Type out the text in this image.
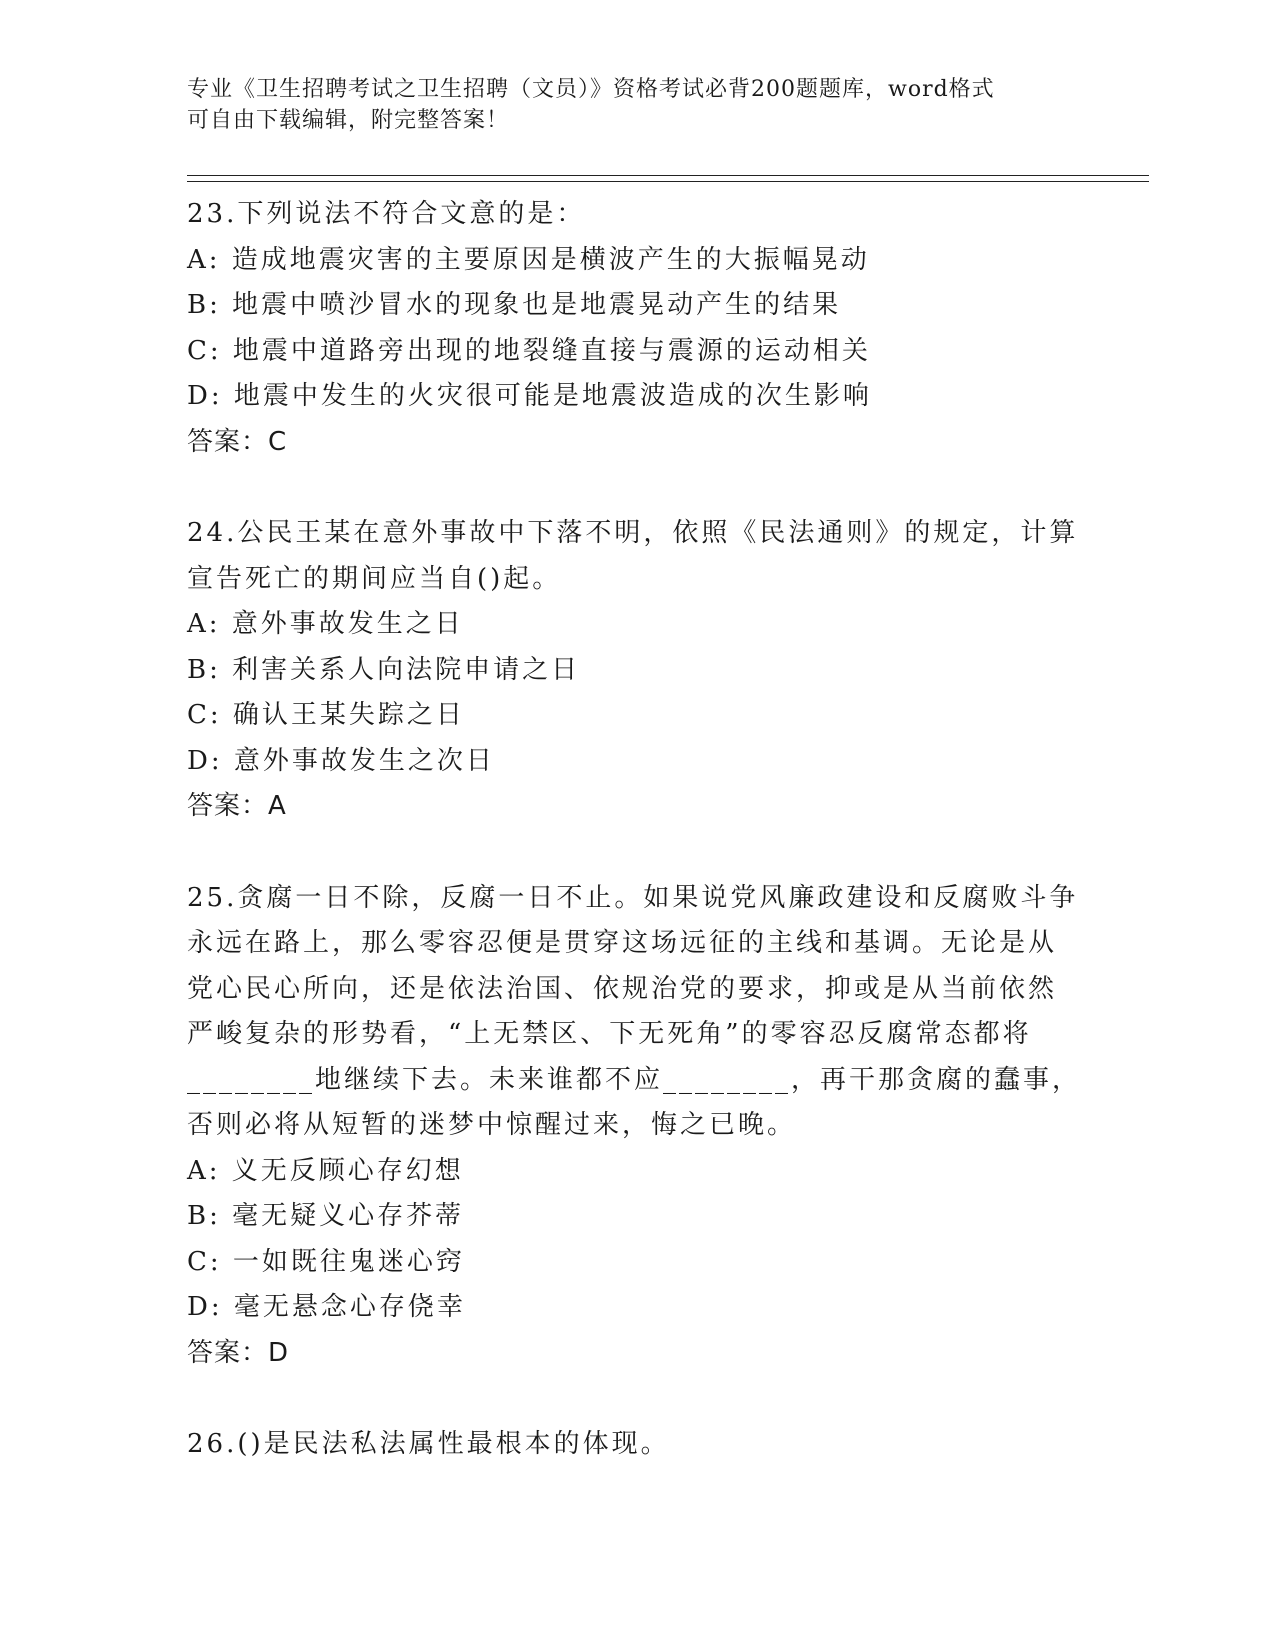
专业《卫生招聘考试之卫生招聘（文员）》资格考试必背200题题库，word格式
可自由下载编辑，附完整答案！
23.下列说法不符合文意的是：
A: 造成地震灾害的主要原因是横波产生的大振幅晃动
B: 地震中喷沙冒水的现象也是地震晃动产生的结果
C: 地震中道路旁出现的地裂缝直接与震源的运动相关
D: 地震中发生的火灾很可能是地震波造成的次生影响
答案：C
24.公民王某在意外事故中下落不明，依照《民法通则》的规定，计算
宣告死亡的期间应当自()起。
A: 意外事故发生之日
B: 利害关系人向法院申请之日
C: 确认王某失踪之日
D: 意外事故发生之次日
答案：A
25.贪腐一日不除，反腐一日不止。如果说党风廉政建设和反腐败斗争
永远在路上，那么零容忍便是贯穿这场远征的主线和基调。无论是从
党心民心所向，还是依法治国、依规治党的要求，抑或是从当前依然
严峻复杂的形势看，“上无禁区、下无死角”的零容忍反腐常态都将
________地继续下去。未来谁都不应________，再干那贪腐的蠢事，
否则必将从短暂的迷梦中惊醒过来，悔之已晚。
A: 义无反顾心存幻想
B: 毫无疑义心存芥蒂
C: 一如既往鬼迷心窍
D: 毫无悬念心存侥幸
答案：D
26.()是民法私法属性最根本的体现。
